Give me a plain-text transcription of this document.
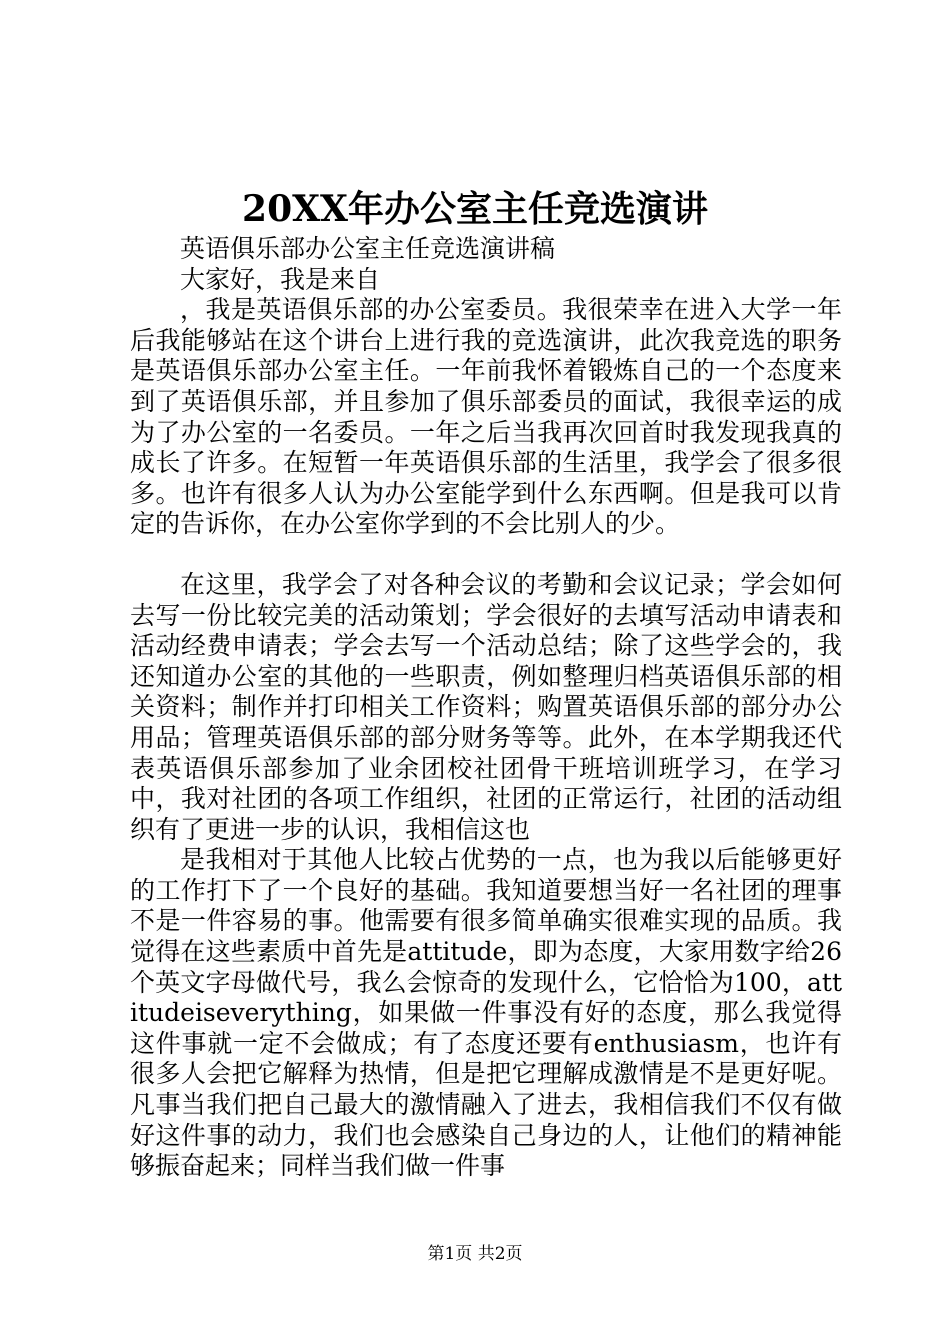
20XX年办公室主任竞选演讲

英语俱乐部办公室主任竞选演讲稿

大家好，我是来自

，我是英语俱乐部的办公室委员。我很荣幸在进入大学一年后我能够站在这个讲台上进行我的竞选演讲，此次我竞选的职务是英语俱乐部办公室主任。一年前我怀着锻炼自己的一个态度来到了英语俱乐部，并且参加了俱乐部委员的面试，我很幸运的成为了办公室的一名委员。一年之后当我再次回首时我发现我真的成长了许多。在短暂一年英语俱乐部的生活里，我学会了很多很多。也许有很多人认为办公室能学到什么东西啊。但是我可以肯定的告诉你，在办公室你学到的不会比别人的少。

在这里，我学会了对各种会议的考勤和会议记录；学会如何去写一份比较完美的活动策划；学会很好的去填写活动申请表和活动经费申请表；学会去写一个活动总结；除了这些学会的，我还知道办公室的其他的一些职责，例如整理归档英语俱乐部的相关资料；制作并打印相关工作资料；购置英语俱乐部的部分办公用品；管理英语俱乐部的部分财务等等。此外，在本学期我还代表英语俱乐部参加了业余团校社团骨干班培训班学习，在学习中，我对社团的各项工作组织，社团的正常运行，社团的活动组织有了更进一步的认识，我相信这也

是我相对于其他人比较占优势的一点，也为我以后能够更好的工作打下了一个良好的基础。我知道要想当好一名社团的理事不是一件容易的事。他需要有很多简单确实很难实现的品质。我觉得在这些素质中首先是attitude，即为态度，大家用数字给26个英文字母做代号，我么会惊奇的发现什么，它恰恰为100，attitudeiseverything，如果做一件事没有好的态度，那么我觉得这件事就一定不会做成；有了态度还要有enthusiasm，也许有很多人会把它解释为热情，但是把它理解成激情是不是更好呢。凡事当我们把自己最大的激情融入了进去，我相信我们不仅有做好这件事的动力，我们也会感染自己身边的人，让他们的精神能够振奋起来；同样当我们做一件事

第1页 共2页
